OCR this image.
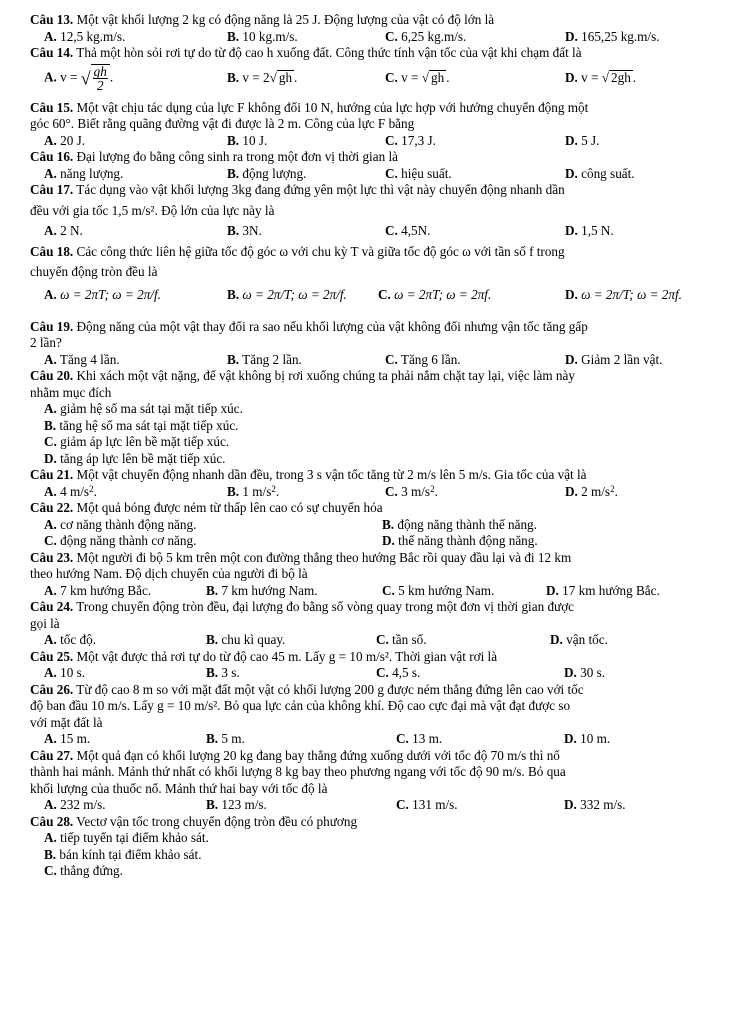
Câu 13. Một vật khối lượng 2 kg có động năng là 25 J. Động lượng của vật có độ lớn là
A. 12,5 kg.m/s.	B. 10 kg.m/s.	C. 6,25 kg.m/s.	D. 165,25 kg.m/s.
Câu 14. Thả một hòn sỏi rơi tự do từ độ cao h xuống đất. Công thức tính vận tốc của vật khi chạm đất là
A. v = √ $\frac{gh}{2}$ .	B. v = 2√ gh .	C. v = √ gh .	D. v = √ 2gh .
Câu 15. Một vật chịu tác dụng của lực F không đổi 10 N, hướng của lực hợp với hướng chuyển động một
góc 60°. Biết rằng quãng đường vật đi được là 2 m. Công của lực F bằng
A. 20 J.	B. 10 J.	C. 17,3 J.	D. 5 J.
Câu 16. Đại lượng đo bằng công sinh ra trong một đơn vị thời gian là
A. năng lượng.	B. động lượng.	C. hiệu suất.	D. công suất.
Câu 17. Tác dụng vào vật khối lượng 3kg đang đứng yên một lực thì vật này chuyển động nhanh dần
đều với gia tốc 1,5 m/s². Độ lớn của lực này là
A. 2 N.	B. 3N.	C. 4,5N.	D. 1,5 N.
Câu 18. Các công thức liên hệ giữa tốc độ góc ω với chu kỳ T và giữa tốc độ góc ω với tần số f trong
chuyển động tròn đều là
A. ω = 2πT; ω = 2π/f.	B. ω = 2π/T; ω = 2π/f. C. ω = 2πT; ω = 2πf.	D. ω = 2π/T; ω = 2πf.
Câu 19. Động năng của một vật thay đổi ra sao nếu khối lượng của vật không đổi nhưng vận tốc tăng gấp
2 lần?
A. Tăng 4 lần.	B. Tăng 2 lần.	C. Tăng 6 lần.	D. Giảm 2 lần vật.
Câu 20. Khi xách một vật nặng, để vật không bị rơi xuống chúng ta phải nắm chặt tay lại, việc làm này
nhằm mục đích
A. giảm hệ số ma sát tại mặt tiếp xúc.
B. tăng hệ số ma sát tại mặt tiếp xúc.
C. giảm áp lực lên bề mặt tiếp xúc.
D. tăng áp lực lên bề mặt tiếp xúc.
Câu 21. Một vật chuyển động nhanh dần đều, trong 3 s vận tốc tăng từ 2 m/s lên 5 m/s. Gia tốc của vật là
A. 4 $m/s^2$.	B. 1 $m/s^2$.	C. 3 $m/s^2$.	D. 2 $m/s^2$.
Câu 22. Một quả bóng được ném từ thấp lên cao có sự chuyển hóa
A. cơ năng thành động năng.	B. động năng thành thế năng.
C. động năng thành cơ năng.	D. thế năng thành động năng.
Câu 23. Một người đi bộ 5 km trên một con đường thẳng theo hướng Bắc rồi quay đầu lại và đi 12 km
theo hướng Nam. Độ dịch chuyển của người đi bộ là
A. 7 km hướng Bắc.	B. 7 km hướng Nam.	C. 5 km hướng Nam.	D. 17 km hướng Bắc.
Câu 24. Trong chuyển động tròn đều, đại lượng đo bằng số vòng quay trong một đơn vị thời gian được
gọi là
A. tốc độ.	B. chu kì quay.	C. tần số.	D. vận tốc.
Câu 25. Một vật được thả rơi tự do từ độ cao 45 m. Lấy g = 10 m/s². Thời gian vật rơi là
A. 10 s.	B. 3 s.	C. 4,5 s.	D. 30 s.
Câu 26. Từ độ cao 8 m so với mặt đất một vật có khối lượng 200 g được ném thẳng đứng lên cao với tốc
độ ban đầu 10 m/s. Lấy g = 10 m/s². Bỏ qua lực cản của không khí. Độ cao cực đại mà vật đạt được so
với mặt đất là
A. 15 m.	B. 5 m.	C. 13 m.	D. 10 m.
Câu 27. Một quả đạn có khối lượng 20 kg đang bay thẳng đứng xuống dưới với tốc độ 70 m/s thì nổ
thành hai mảnh. Mảnh thứ nhất có khối lượng 8 kg bay theo phương ngang với tốc độ 90 m/s. Bỏ qua
khối lượng của thuốc nổ. Mảnh thứ hai bay với tốc độ là
A. 232 m/s.	B. 123 m/s.	C. 131 m/s.	D. 332 m/s.
Câu 28. Vectơ vận tốc trong chuyển động tròn đều có phương
A. tiếp tuyến tại điểm khảo sát.
B. bán kính tại điểm khảo sát.
C. thẳng đứng.
